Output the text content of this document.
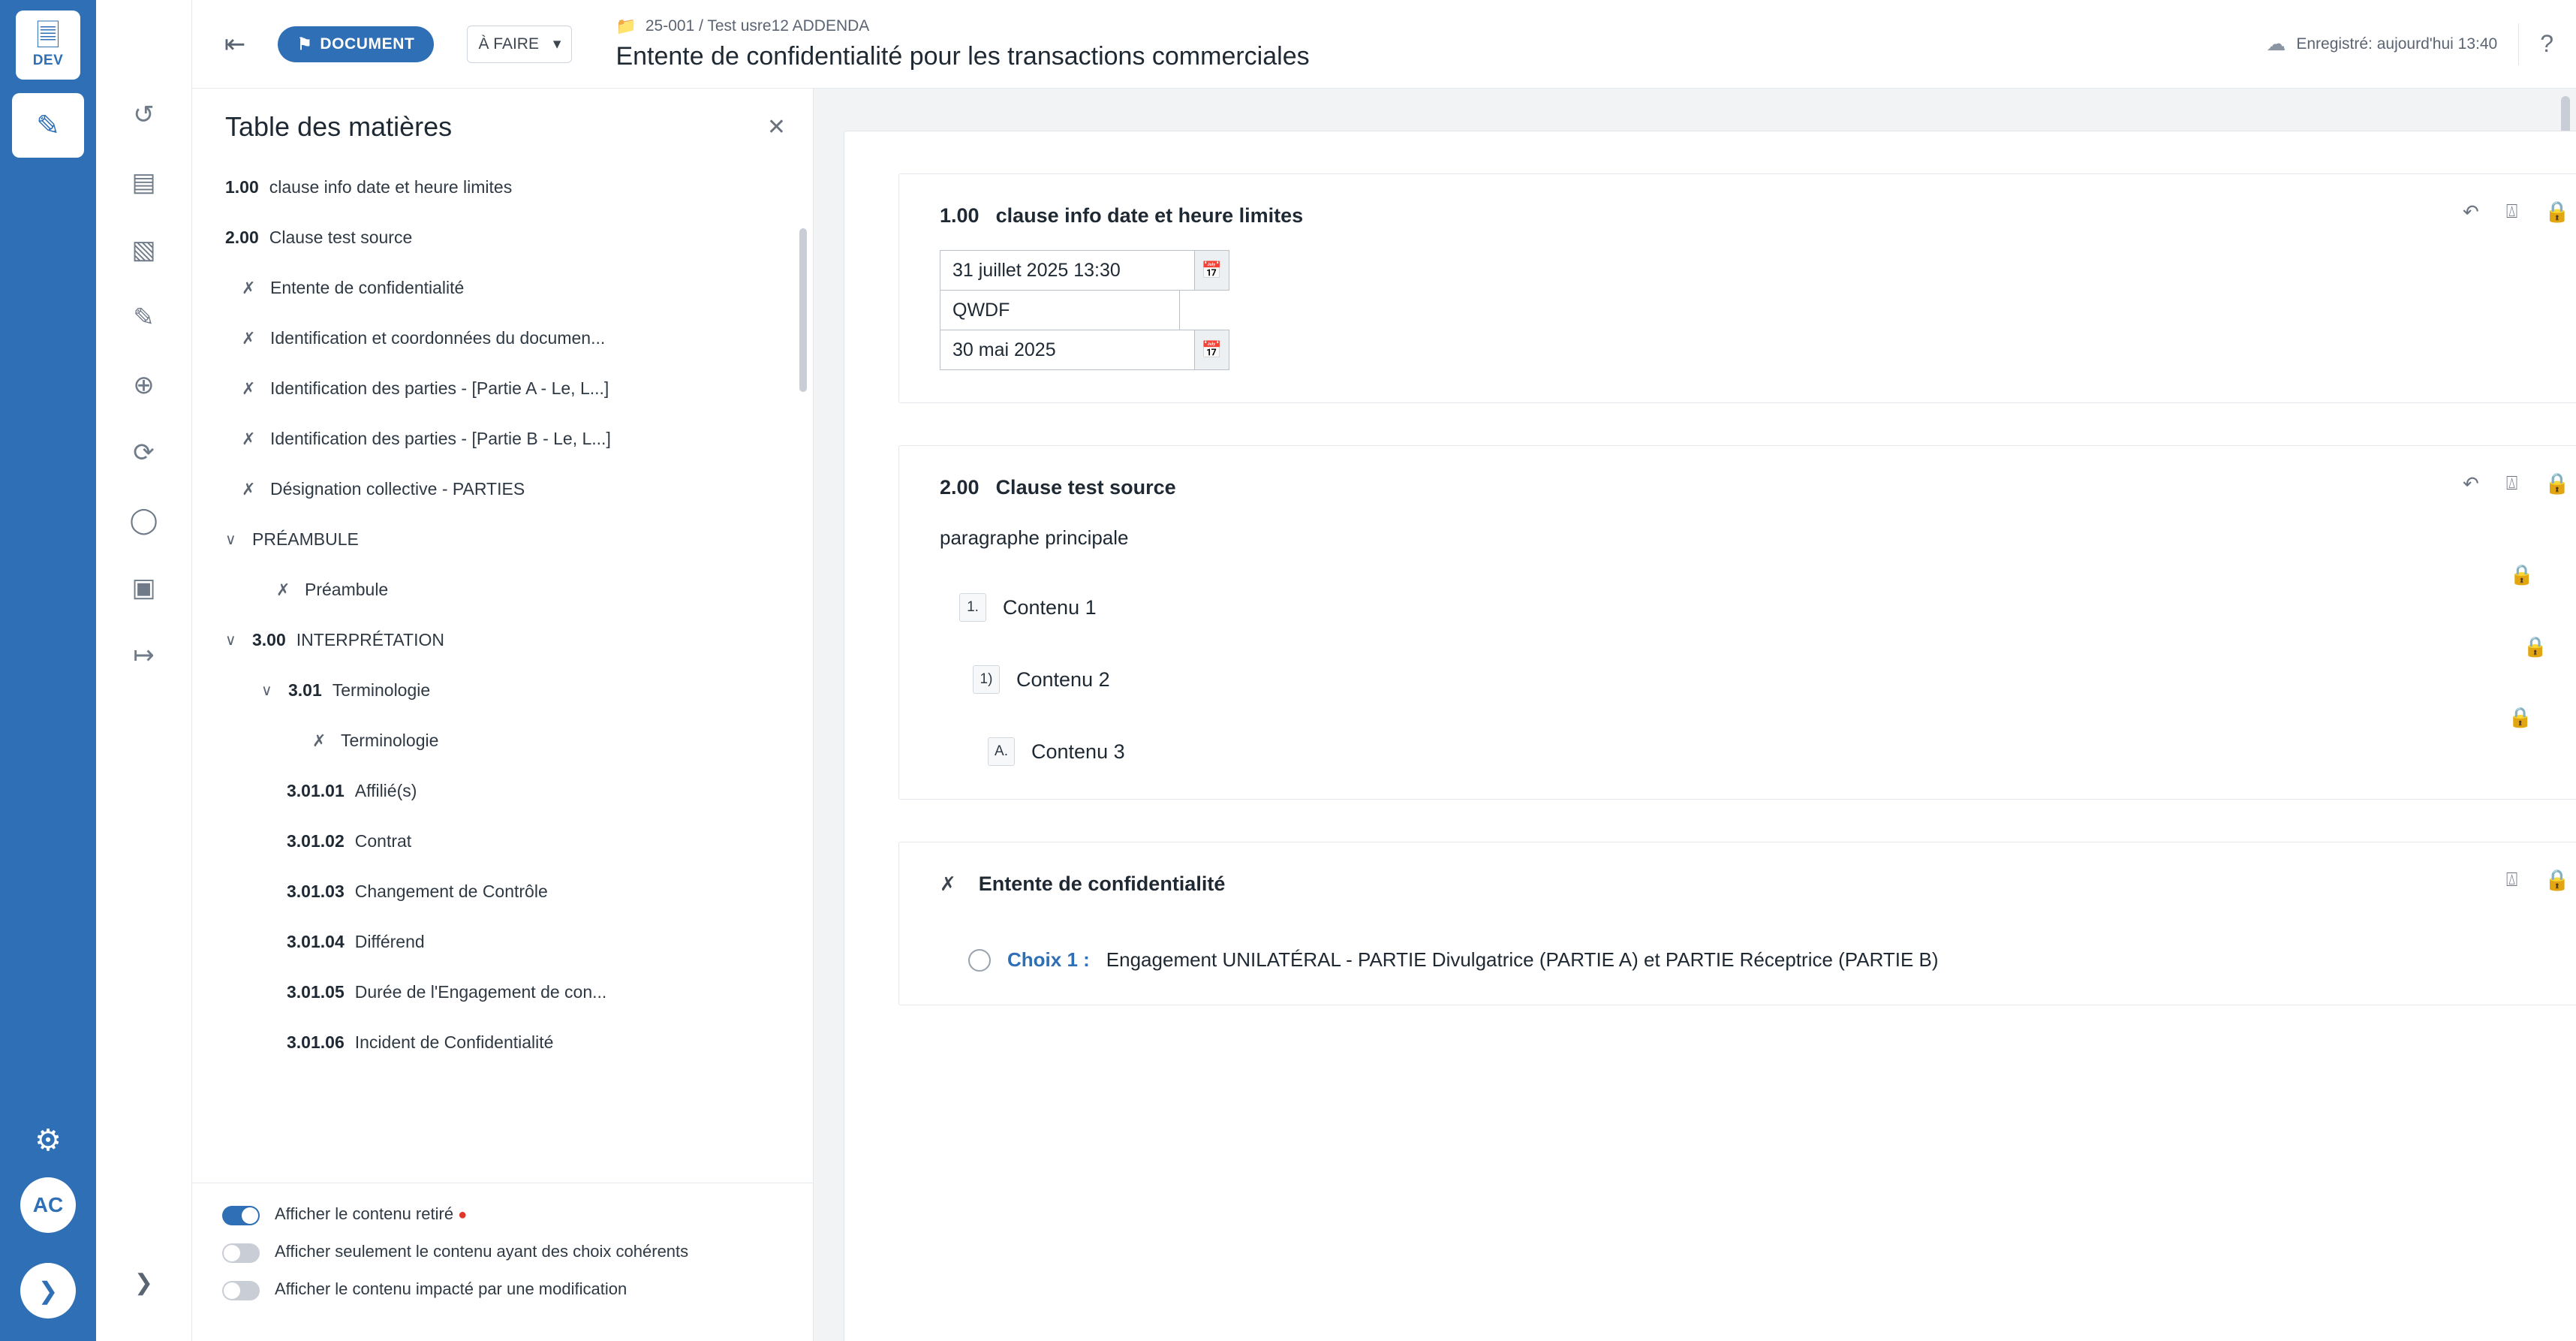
🗏
DEV
✎
⚙
AC
❯
↺
▤
▧
✎
⊕
⟳
◯
▣
↦
❯
⇤	⚑ DOCUMENT	À FAIRE ▾
📁 25-001 / Test usre12 ADDENDA
Entente de confidentialité pour les transactions commerciales	☁ Enregistré: aujourd'hui 13:40 ?
Table des matières	✕
1.00 clause info date et heure limites
2.00 Clause test source
✗ Entente de confidentialité
✗ Identification et coordonnées du documen...
✗ Identification des parties - [Partie A - Le, L...]
✗ Identification des parties - [Partie B - Le, L...]
✗ Désignation collective - PARTIES
∨ PRÉAMBULE
✗ Préambule
∨ 3.00 INTERPRÉTATION
∨ 3.01 Terminologie
✗ Terminologie
3.01.01 Affilié(s)
3.01.02 Contrat
3.01.03 Changement de Contrôle
3.01.04 Différend
3.01.05 Durée de l'Engagement de con...
3.01.06 Incident de Confidentialité
Afficher le contenu retiré ●
Afficher seulement le contenu ayant des choix cohérents
Afficher le contenu impacté par une modification
↶ ⍍ 🔒
1.00 clause info date et heure limites
31 juillet 2025 13:30	📅
QWDF
30 mai 2025	📅
↶ ⍍ 🔒
2.00 Clause test source
paragraphe principale
🔒
1.	Contenu 1
🔒
1)	Contenu 2
🔒
A.	Contenu 3
⍍ 🔒
✗ Entente de confidentialité
Choix 1 : Engagement UNILATÉRAL - PARTIE Divulgatrice (PARTIE A) et PARTIE Réceptrice (PARTIE B)
